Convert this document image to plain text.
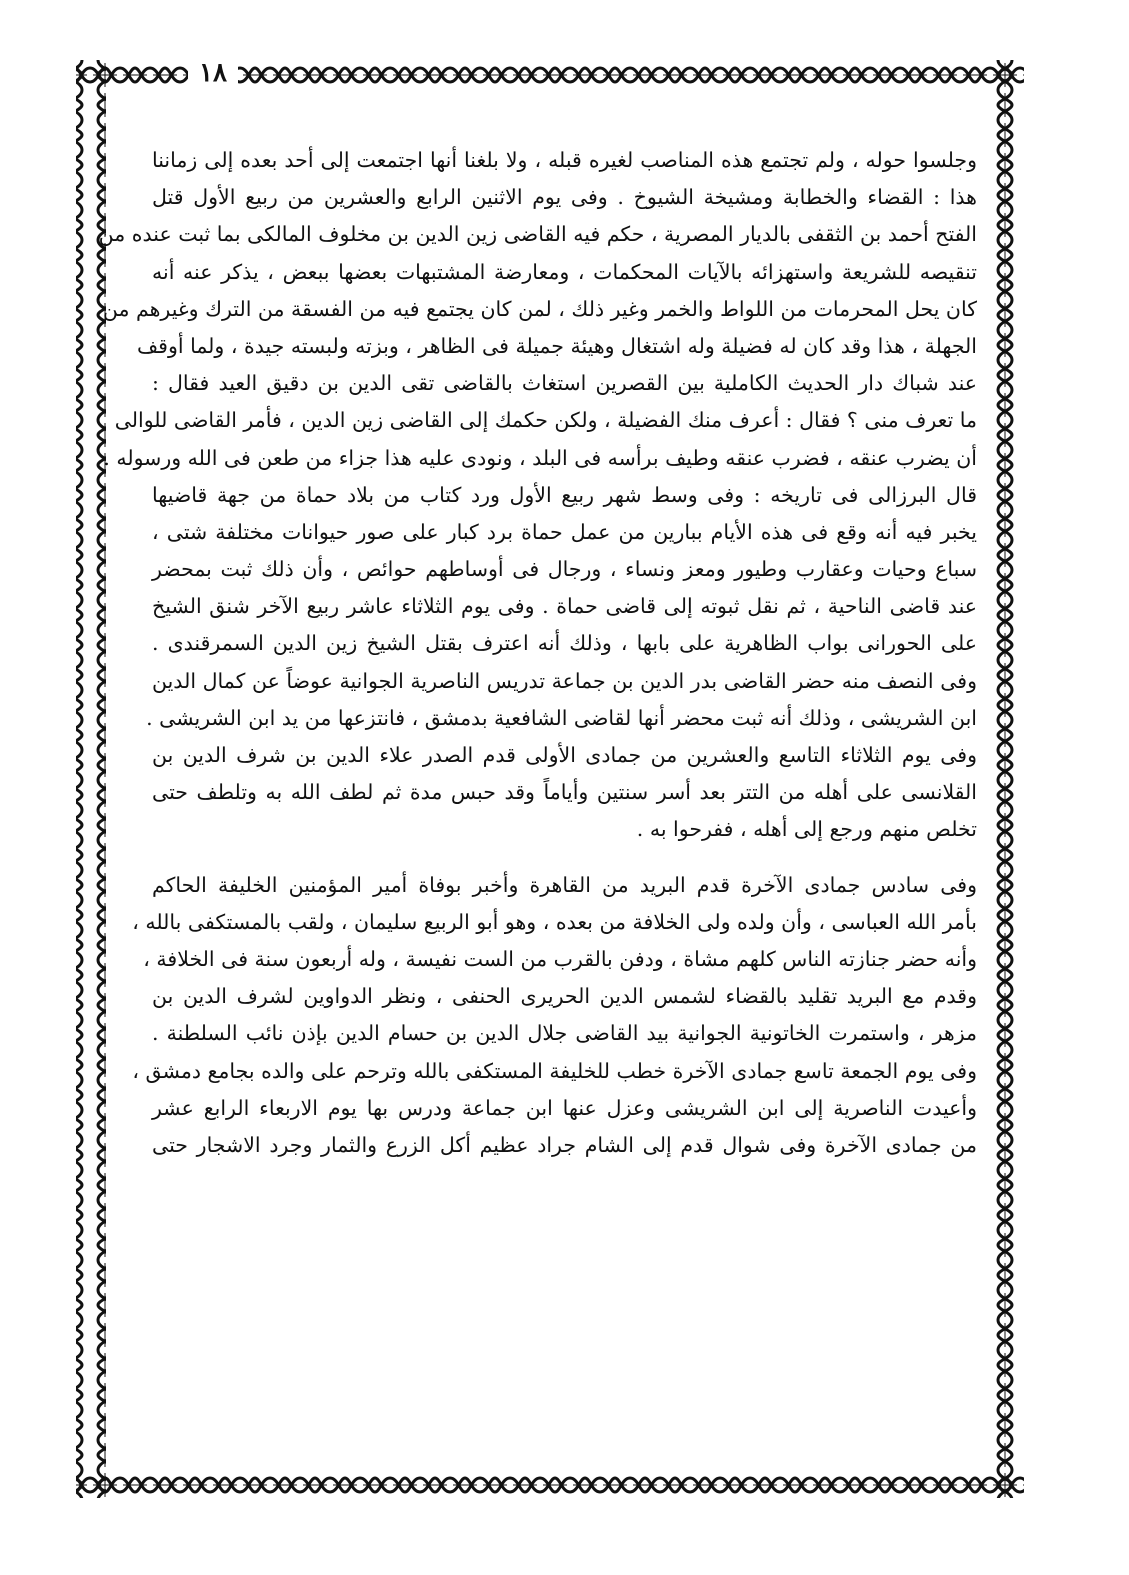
١٨
وجلسوا حوله ، ولم تجتمع هذه المناصب لغيره قبله ، ولا بلغنا أنها اجتمعت إلى أحد بعده إلى زماننا
هذا : القضاء والخطابة ومشيخة الشيوخ . وفى يوم الاثنين الرابع والعشرين من ربيع الأول قتل
الفتح أحمد بن الثقفى بالديار المصرية ، حكم فيه القاضى زين الدين بن مخلوف المالكى بما ثبت عنده من
تنقيصه للشريعة واستهزائه بالآيات المحكمات ، ومعارضة المشتبهات بعضها ببعض ، يذكر عنه أنه
كان يحل المحرمات من اللواط والخمر وغير ذلك ، لمن كان يجتمع فيه من الفسقة من الترك وغيرهم من
الجهلة ، هذا وقد كان له فضيلة وله اشتغال وهيئة جميلة فى الظاهر ، وبزته ولبسته جيدة ، ولما أوقف
عند شباك دار الحديث الكاملية بين القصرين استغاث بالقاضى تقى الدين بن دقيق العيد فقال :
ما تعرف منى ؟ فقال : أعرف منك الفضيلة ، ولكن حكمك إلى القاضى زين الدين ، فأمر القاضى للوالى
أن يضرب عنقه ، فضرب عنقه وطيف برأسه فى البلد ، ونودى عليه هذا جزاء من طعن فى الله ورسوله .
قال البرزالى فى تاريخه : وفى وسط شهر ربيع الأول ورد كتاب من بلاد حماة من جهة قاضيها
يخبر فيه أنه وقع فى هذه الأيام ببارين من عمل حماة برد كبار على صور حيوانات مختلفة شتى ،
سباع وحيات وعقارب وطيور ومعز ونساء ، ورجال فى أوساطهم حوائص ، وأن ذلك ثبت بمحضر
عند قاضى الناحية ، ثم نقل ثبوته إلى قاضى حماة . وفى يوم الثلاثاء عاشر ربيع الآخر شنق الشيخ
على الحورانى بواب الظاهرية على بابها ، وذلك أنه اعترف بقتل الشيخ زين الدين السمرقندى .
وفى النصف منه حضر القاضى بدر الدين بن جماعة تدريس الناصرية الجوانية عوضاً عن كمال الدين
ابن الشريشى ، وذلك أنه ثبت محضر أنها لقاضى الشافعية بدمشق ، فانتزعها من يد ابن الشريشى .
وفى يوم الثلاثاء التاسع والعشرين من جمادى الأولى قدم الصدر علاء الدين بن شرف الدين بن
القلانسى على أهله من التتر بعد أسر سنتين وأياماً وقد حبس مدة ثم لطف الله به وتلطف حتى
تخلص منهم ورجع إلى أهله ، ففرحوا به .
وفى سادس جمادى الآخرة قدم البريد من القاهرة وأخبر بوفاة أمير المؤمنين الخليفة الحاكم
بأمر الله العباسى ، وأن ولده ولى الخلافة من بعده ، وهو أبو الربيع سليمان ، ولقب بالمستكفى بالله ،
وأنه حضر جنازته الناس كلهم مشاة ، ودفن بالقرب من الست نفيسة ، وله أربعون سنة فى الخلافة ،
وقدم مع البريد تقليد بالقضاء لشمس الدين الحريرى الحنفى ، ونظر الدواوين لشرف الدين بن
مزهر ، واستمرت الخاتونية الجوانية بيد القاضى جلال الدين بن حسام الدين بإذن نائب السلطنة .
وفى يوم الجمعة تاسع جمادى الآخرة خطب للخليفة المستكفى بالله وترحم على والده بجامع دمشق ،
وأعيدت الناصرية إلى ابن الشريشى وعزل عنها ابن جماعة ودرس بها يوم الاربعاء الرابع عشر
من جمادى الآخرة وفى شوال قدم إلى الشام جراد عظيم أكل الزرع والثمار وجرد الاشجار حتى
